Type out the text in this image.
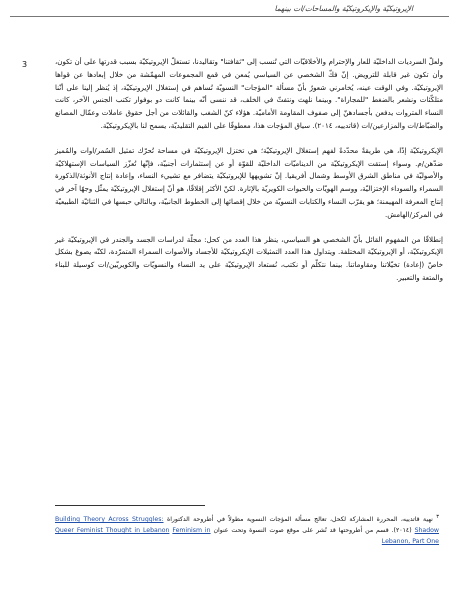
الإيروتيكيّة والإيكروتيكيّة والمساحات/ات بينهما
3	ولعلّ السرديات الداخليّة للعار والإحترام والأخلاقيّات التي تُنسب إلى "ثقافتنا" وتقاليدنا، تستغلّ الإيروتيكيّة بسبب قدرتها على أن تكون، وأن تكون غير قابلة للترويض. إنّ فكّ الشخصي عن السياسي يُمعن في قمع المجموعات المهمّشة من خلال إبعادها عن قواها الإيروتيكيّة. وفي الوقت عينه، يُخامرني شعورٌ بأنّ مسألة "المؤجات" النسويّة تُساهم في إستغلال الإيروتيكيّة، إذ يُنظر إلينا على أنّنا متلكّئات ونشعر بالضغط "للمجاراة". وبينما نلهث ونتفتّ في الخلف، قد ننسى أنّه بينما كانت دو بوفوار تكتب الجنس الآخر، كانت النساء المتروات يدفعن بأجسادهنّ إلى صفوف المقاومة الأماميّة. هؤلاء كنّ الشغب والقائلات من أجل حقوق عاملات وعمّال المصانع والضبّاط/ات والمزارعين/ات (قاتدييه، ٢٠١٤). سياق المؤجات هذا، معطوفًا على القيم التقليديّة، يسمح لنا بالإيكروتيكيّة.

الإيكروتيكيّة إذًا، هي طريقةٌ محدّدةٌ لفهم إستغلال الإيروتيكيّة؛ هي تختزل الإيروتيكيّة في مساحة تُحرّك تمثيل السُمر/اوات والمُميز ضدّهن/م. وسواء إستقت الإيكروتيكيّة من الديناميّات الداخليّة للقوّة أو عن إستثمارات أجنبيّة، فإنّها تُعزّز السياسات الإستهلاكيّة والأصوليّة في مناطق الشرق الأوسط وشمال أفريقيا. إنّ تشويهها للإيروتيكيّة يتضافر مع تشييء النساء، وإعادة إنتاج الأنوثة/الذكورة السمراء والسوداء الإختزاليّة، ووسم الهويّات والحيوات الكويريّة بالإثارة. لكنّ الأكثر إقلاقًا، هو أنّ إستغلال الإيروتيكيّة يمثّل وجهًا آخر في إنتاج المعرفة المهيمنة؛ هو يقرّب النساء والكتابات النسويّة من خلال إقصائها إلى الخطوط الجانبيّة، وبالتالي حبسها في الثنائيّة الطبيعيّة في المركز/الهامش.

إنطلاقًا من المفهوم القائل بأنّ الشخصي هو السياسي، ينظر هذا العدد من كحل: مجلّة لدراسات الجسد والجندر في الإيروتيكيّة غير الإيكروتيكيّة، أو الإيروتيكيّة المختلفة. ويتداول هذا العدد التمثيلات الإيكروتيكيّة للأجساد والأصوات السمراء المتمرّدة، لكنّه يصوغ بشكل خاصّ (إعادة) تخيّلاتنا ومقاوماتنا. بينما نتكلّم أو نكتب، نُستعاد الإيروتيكيّة على يد النساء والنسويّات والكويريّين/ات كوسيلة للبناء والمتعة والتعبير.

$^٣$ نهية قاتدييه، المحررة المشاركة لكحل، تعالج مسألة المؤجات النسوية مطولاً في أطروحة الدكتوراة Building Theory Across Struggles: Shadow (٢٠١٤). قسم من أطروحتها قد نُشر على موقع صوت النسوة وتحت عنوان Queer Feminist Thought in Lebanon Feminism in Lebanon, Part One
